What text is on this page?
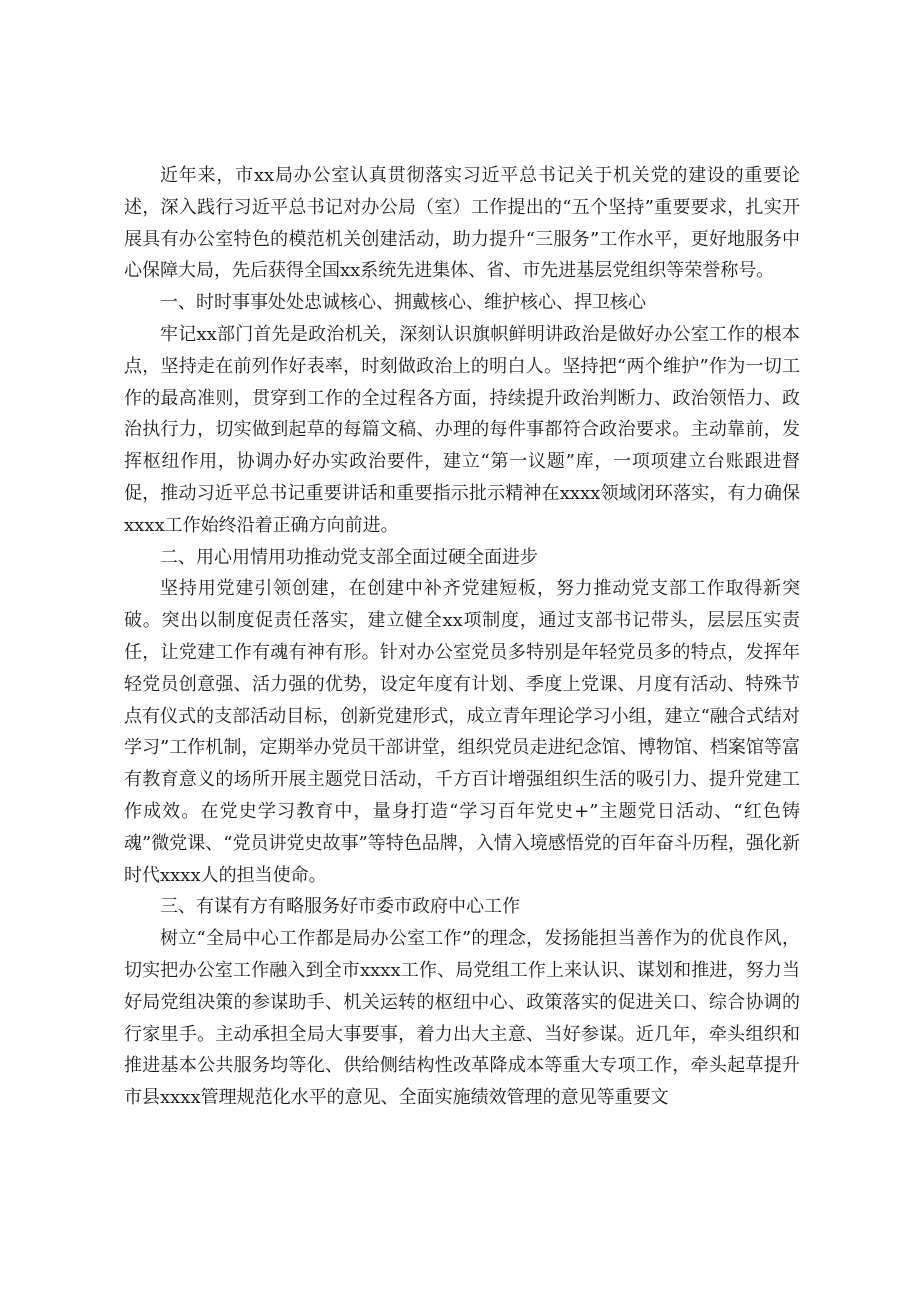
近年来，市xx局办公室认真贯彻落实习近平总书记关于机关党的建设的重要论述，深入践行习近平总书记对办公局（室）工作提出的“五个坚持”重要要求，扎实开展具有办公室特色的模范机关创建活动，助力提升“三服务”工作水平，更好地服务中心保障大局，先后获得全国xx系统先进集体、省、市先进基层党组织等荣誉称号。

一、时时事事处处忠诚核心、拥戴核心、维护核心、捍卫核心

牢记xx部门首先是政治机关，深刻认识旗帜鲜明讲政治是做好办公室工作的根本点，坚持走在前列作好表率，时刻做政治上的明白人。坚持把“两个维护”作为一切工作的最高准则，贯穿到工作的全过程各方面，持续提升政治判断力、政治领悟力、政治执行力，切实做到起草的每篇文稿、办理的每件事都符合政治要求。主动靠前，发挥枢纽作用，协调办好办实政治要件，建立“第一议题”库，一项项建立台账跟进督促，推动习近平总书记重要讲话和重要指示批示精神在xxxx领域闭环落实，有力确保xxxx工作始终沿着正确方向前进。

二、用心用情用功推动党支部全面过硬全面进步

坚持用党建引领创建，在创建中补齐党建短板，努力推动党支部工作取得新突破。突出以制度促责任落实，建立健全xx项制度，通过支部书记带头，层层压实责任，让党建工作有魂有神有形。针对办公室党员多特别是年轻党员多的特点，发挥年轻党员创意强、活力强的优势，设定年度有计划、季度上党课、月度有活动、特殊节点有仪式的支部活动目标，创新党建形式，成立青年理论学习小组，建立“融合式结对学习”工作机制，定期举办党员干部讲堂，组织党员走进纪念馆、博物馆、档案馆等富有教育意义的场所开展主题党日活动，千方百计增强组织生活的吸引力、提升党建工作成效。在党史学习教育中，量身打造“学习百年党史+”主题党日活动、“红色铸魂”微党课、“党员讲党史故事”等特色品牌，入情入境感悟党的百年奋斗历程，强化新时代xxxx人的担当使命。

三、有谋有方有略服务好市委市政府中心工作

树立“全局中心工作都是局办公室工作”的理念，发扬能担当善作为的优良作风，切实把办公室工作融入到全市xxxx工作、局党组工作上来认识、谋划和推进，努力当好局党组决策的参谋助手、机关运转的枢纽中心、政策落实的促进关口、综合协调的行家里手。主动承担全局大事要事，着力出大主意、当好参谋。近几年，牵头组织和推进基本公共服务均等化、供给侧结构性改革降成本等重大专项工作，牵头起草提升市县xxxx管理规范化水平的意见、全面实施绩效管理的意见等重要文
